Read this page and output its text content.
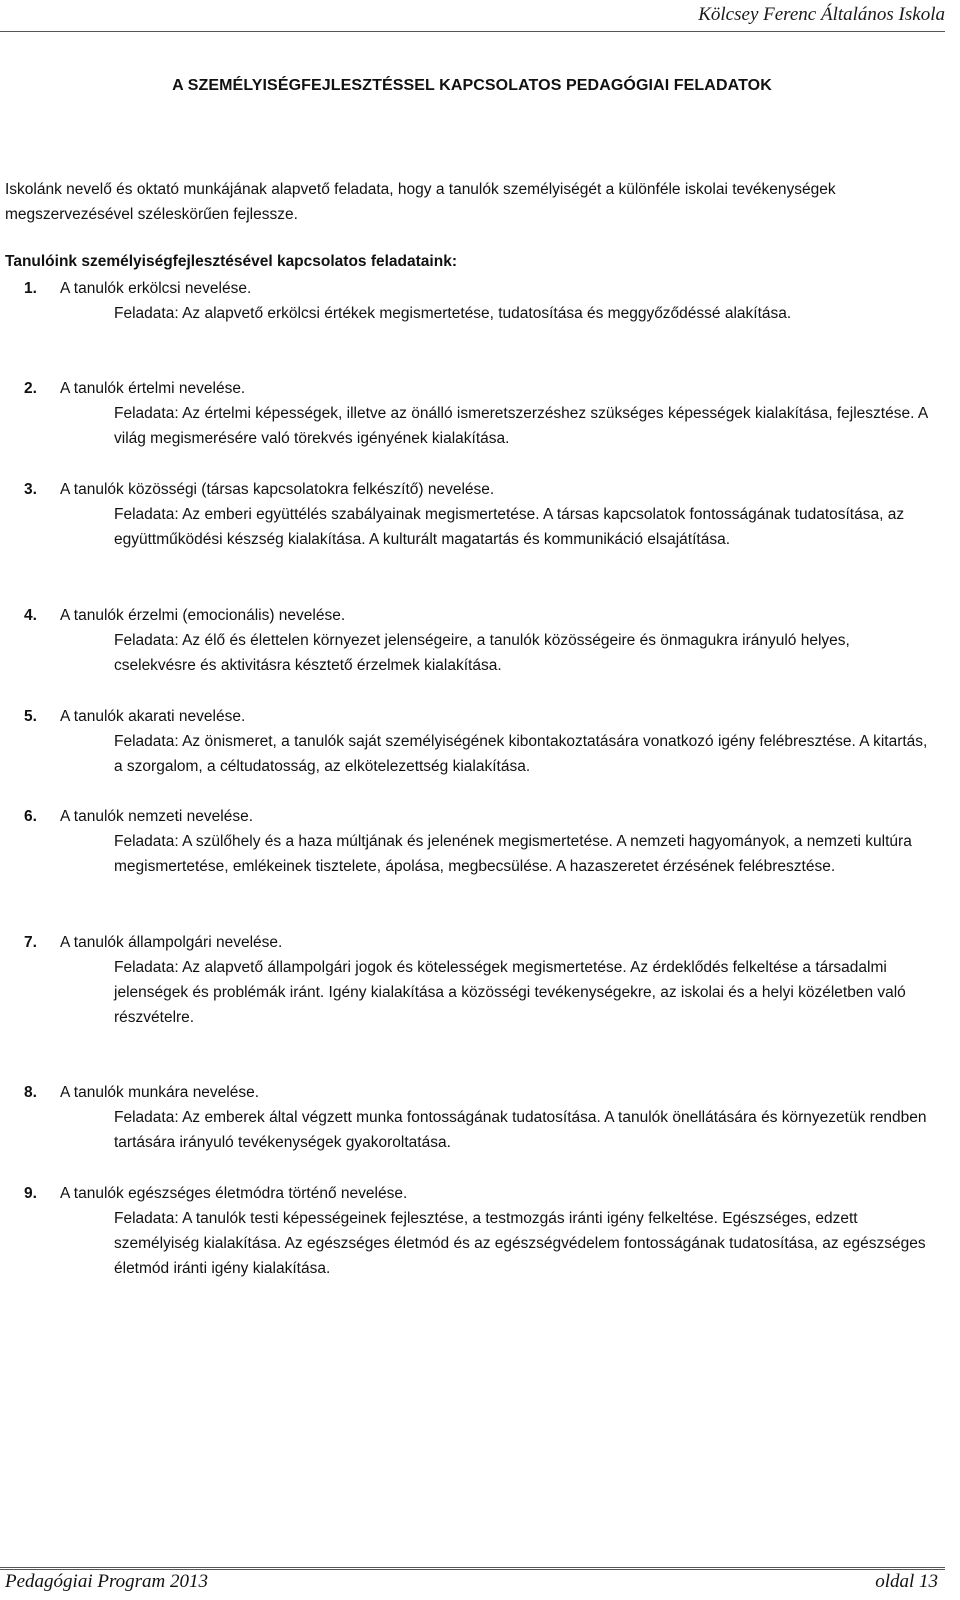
Kölcsey Ferenc Általános Iskola
A SZEMÉLYISÉGFEJLESZTÉSSEL KAPCSOLATOS PEDAGÓGIAI FELADATOK
Iskolánk nevelő és oktató munkájának alapvető feladata, hogy a tanulók személyiségét a különféle iskolai tevékenységek megszervezésével széleskörűen fejlessze.
Tanulóink személyiségfejlesztésével kapcsolatos feladataink:
1.	A tanulók erkölcsi nevelése.
Feladata: Az alapvető erkölcsi értékek megismertetése, tudatosítása és meggyőződéssé alakítása.
2.	A tanulók értelmi nevelése.
Feladata: Az értelmi képességek, illetve az önálló ismeretszerzéshez szükséges képességek kialakítása, fejlesztése. A világ megismerésére való törekvés igényének kialakítása.
3.	A tanulók közösségi (társas kapcsolatokra felkészítő) nevelése.
Feladata: Az emberi együttélés szabályainak megismertetése. A társas kapcsolatok fontosságának tudatosítása, az együttműködési készség kialakítása. A kulturált magatartás és kommunikáció elsajátítása.
4.	A tanulók érzelmi (emocionális) nevelése.
Feladata: Az élő és élettelen környezet jelenségeire, a tanulók közösségeire és önmagukra irányuló helyes, cselekvésre és aktivitásra késztető érzelmek kialakítása.
5.	A tanulók akarati nevelése.
Feladata: Az önismeret, a tanulók saját személyiségének kibontakoztatására vonatkozó igény felébresztése. A kitartás, a szorgalom, a céltudatosság, az elkötelezettség kialakítása.
6.	A tanulók nemzeti nevelése.
Feladata: A szülőhely és a haza múltjának és jelenének megismertetése. A nemzeti hagyományok, a nemzeti kultúra megismertetése, emlékeinek tisztelete, ápolása, megbecsülése. A hazaszeretet érzésének felébresztése.
7.	A tanulók állampolgári nevelése.
Feladata: Az alapvető állampolgári jogok és kötelességek megismertetése. Az érdeklődés felkeltése a társadalmi jelenségek és problémák iránt. Igény kialakítása a közösségi tevékenységekre, az iskolai és a helyi közéletben való részvételre.
8.	A tanulók munkára nevelése.
Feladata: Az emberek által végzett munka fontosságának tudatosítása. A tanulók önellátására és környezetük rendben tartására irányuló tevékenységek gyakoroltatása.
9.	A tanulók egészséges életmódra történő nevelése.
Feladata: A tanulók testi képességeinek fejlesztése, a testmozgás iránti igény felkeltése. Egészséges, edzett személyiség kialakítása. Az egészséges életmód és az egészségvédelem fontosságának tudatosítása, az egészséges életmód iránti igény kialakítása.
Pedagógiai Program 2013	oldal 13
